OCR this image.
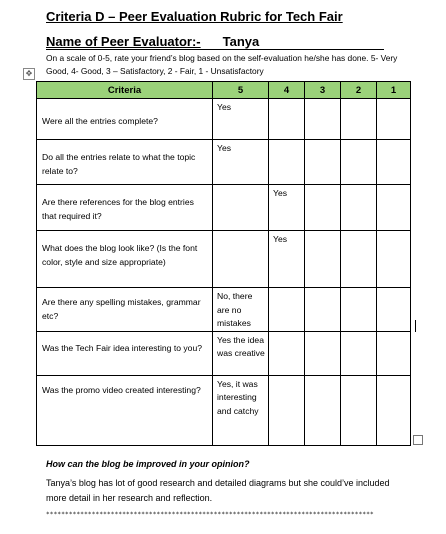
Criteria D – Peer Evaluation Rubric for Tech Fair
Name of Peer Evaluator:- Tanya
On a scale of 0-5, rate your friend’s blog based on the self-evaluation he/she has done. 5- Very Good, 4- Good, 3 – Satisfactory, 2 - Fair, 1 - Unsatisfactory
✥
Criteria	5	4	3	2	1

Were all the entries complete?	Yes				

Do all the entries relate to what the topic relate to?	Yes				

Are there references for the blog entries that required it?		Yes			

What does the blog look like? (Is the font color, style and size appropriate)		Yes			

Are there any spelling mistakes, grammar etc?	No, there are no mistakes				

Was the Tech Fair idea interesting to you?	Yes the idea was creative				

Was the promo video created interesting?	Yes, it was interesting and catchy				
How can the blog be improved in your opinion?
Tanya’s blog has lot of good research and detailed diagrams but she could’ve included more detail in her research and reflection.
**************************************************************************************
